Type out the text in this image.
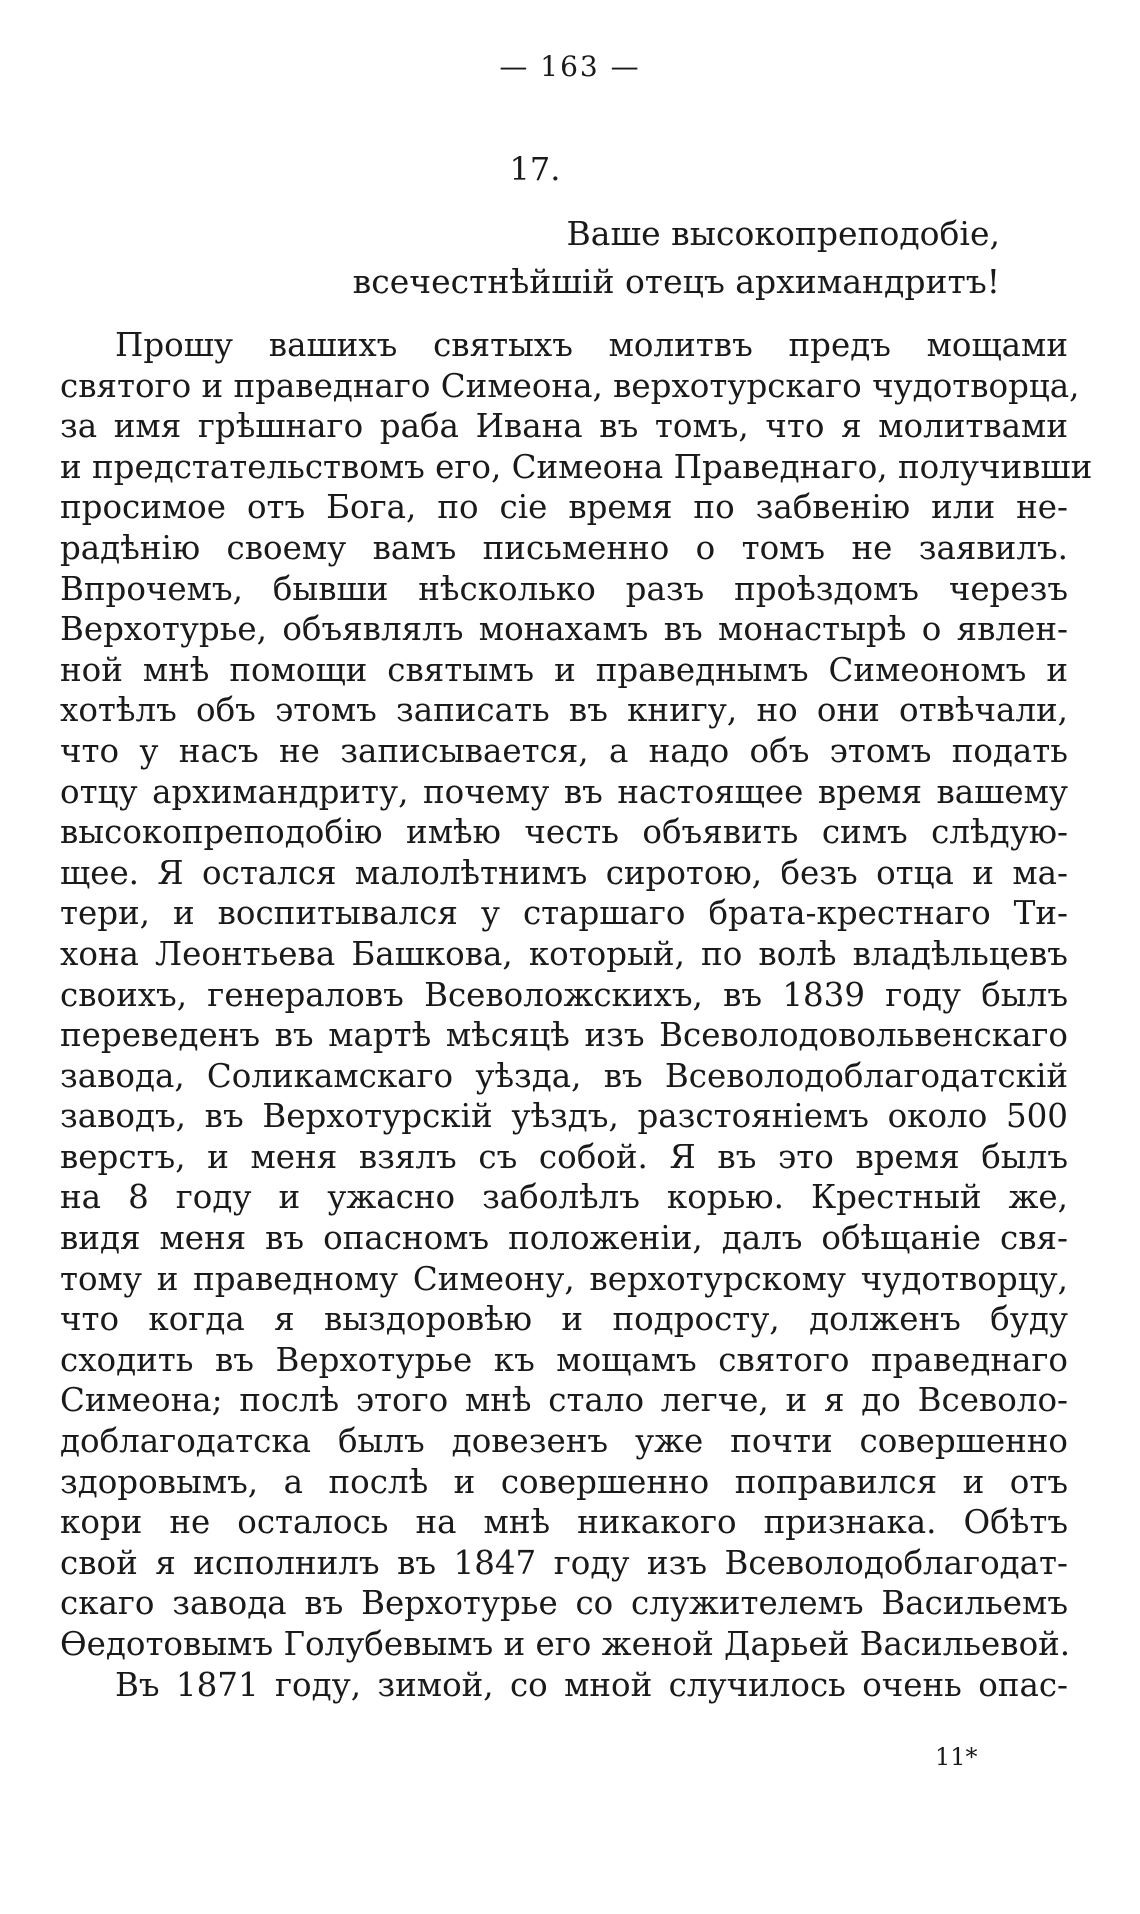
— 163 —
17.
Ваше высокопреподобіе,
всечестнѣйшій отецъ архимандритъ!
Прошу вашихъ святыхъ молитвъ предъ мощами
святого и праведнаго Симеона, верхотурскаго чудотворца,
за имя грѣшнаго раба Ивана въ томъ, что я молитвами
и предстательствомъ его, Симеона Праведнаго, получивши
просимое отъ Бога, по сіе время по забвенію или не-
радѣнію своему вамъ письменно о томъ не заявилъ.
Впрочемъ, бывши нѣсколько разъ проѣздомъ черезъ
Верхотурье, объявлялъ монахамъ въ монастырѣ о явлен-
ной мнѣ помощи святымъ и праведнымъ Симеономъ и
хотѣлъ объ этомъ записать въ книгу, но они отвѣчали,
что у насъ не записывается, а надо объ этомъ подать
отцу архимандриту, почему въ настоящее время вашему
высокопреподобію имѣю честь объявить симъ слѣдую-
щее. Я остался малолѣтнимъ сиротою, безъ отца и ма-
тери, и воспитывался у старшаго брата-крестнаго Ти-
хона Леонтьева Башкова, который, по волѣ владѣльцевъ
своихъ, генераловъ Всеволожскихъ, въ 1839 году былъ
переведенъ въ мартѣ мѣсяцѣ изъ Всеволодовольвенскаго
завода, Соликамскаго уѣзда, въ Всеволодоблагодатскій
заводъ, въ Верхотурскій уѣздъ, разстояніемъ около 500
верстъ, и меня взялъ съ собой. Я въ это время былъ
на 8 году и ужасно заболѣлъ корью. Крестный же,
видя меня въ опасномъ положеніи, далъ обѣщаніе свя-
тому и праведному Симеону, верхотурскому чудотворцу,
что когда я выздоровѣю и подросту, долженъ буду
сходить въ Верхотурье къ мощамъ святого праведнаго
Симеона; послѣ этого мнѣ стало легче, и я до Всеволо-
доблагодатска былъ довезенъ уже почти совершенно
здоровымъ, а послѣ и совершенно поправился и отъ
кори не осталось на мнѣ никакого признака. Обѣтъ
свой я исполнилъ въ 1847 году изъ Всеволодоблагодат-
скаго завода въ Верхотурье со служителемъ Васильемъ
Ѳедотовымъ Голубевымъ и его женой Дарьей Васильевой.
Въ 1871 году, зимой, со мной случилось очень опас-
11*
